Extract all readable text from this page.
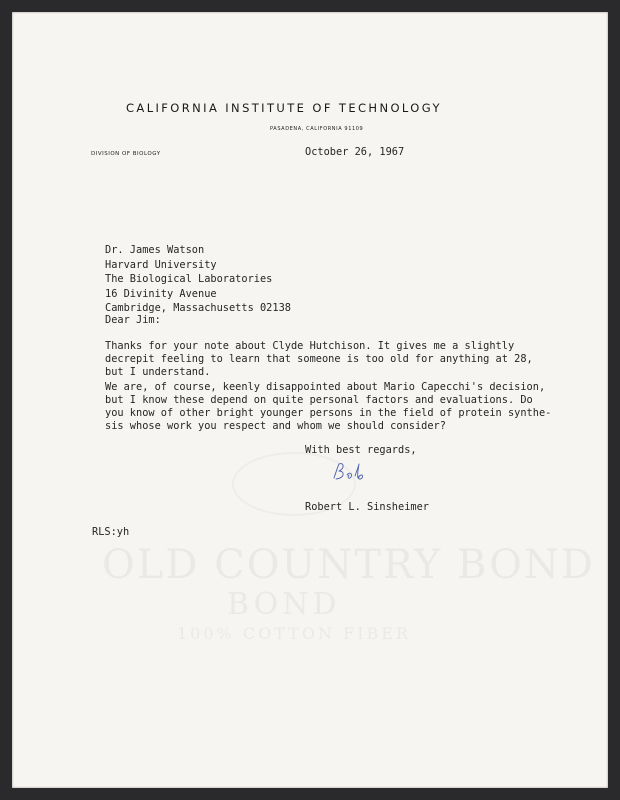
OLD COUNTRY BOND
BOND
100% COTTON FIBER
CALIFORNIA INSTITUTE OF TECHNOLOGY
PASADENA, CALIFORNIA 91109
DIVISION OF BIOLOGY	October 26, 1967
Dr. James Watson
Harvard University
The Biological Laboratories
16 Divinity Avenue
Cambridge, Massachusetts 02138
Dear Jim:
Thanks for your note about Clyde Hutchison. It gives me a slightly
decrepit feeling to learn that someone is too old for anything at 28,
but I understand.
We are, of course, keenly disappointed about Mario Capecchi's decision,
but I know these depend on quite personal factors and evaluations. Do
you know of other bright younger persons in the field of protein synthe-
sis whose work you respect and whom we should consider?
With best regards,
Robert L. Sinsheimer
RLS:yh
